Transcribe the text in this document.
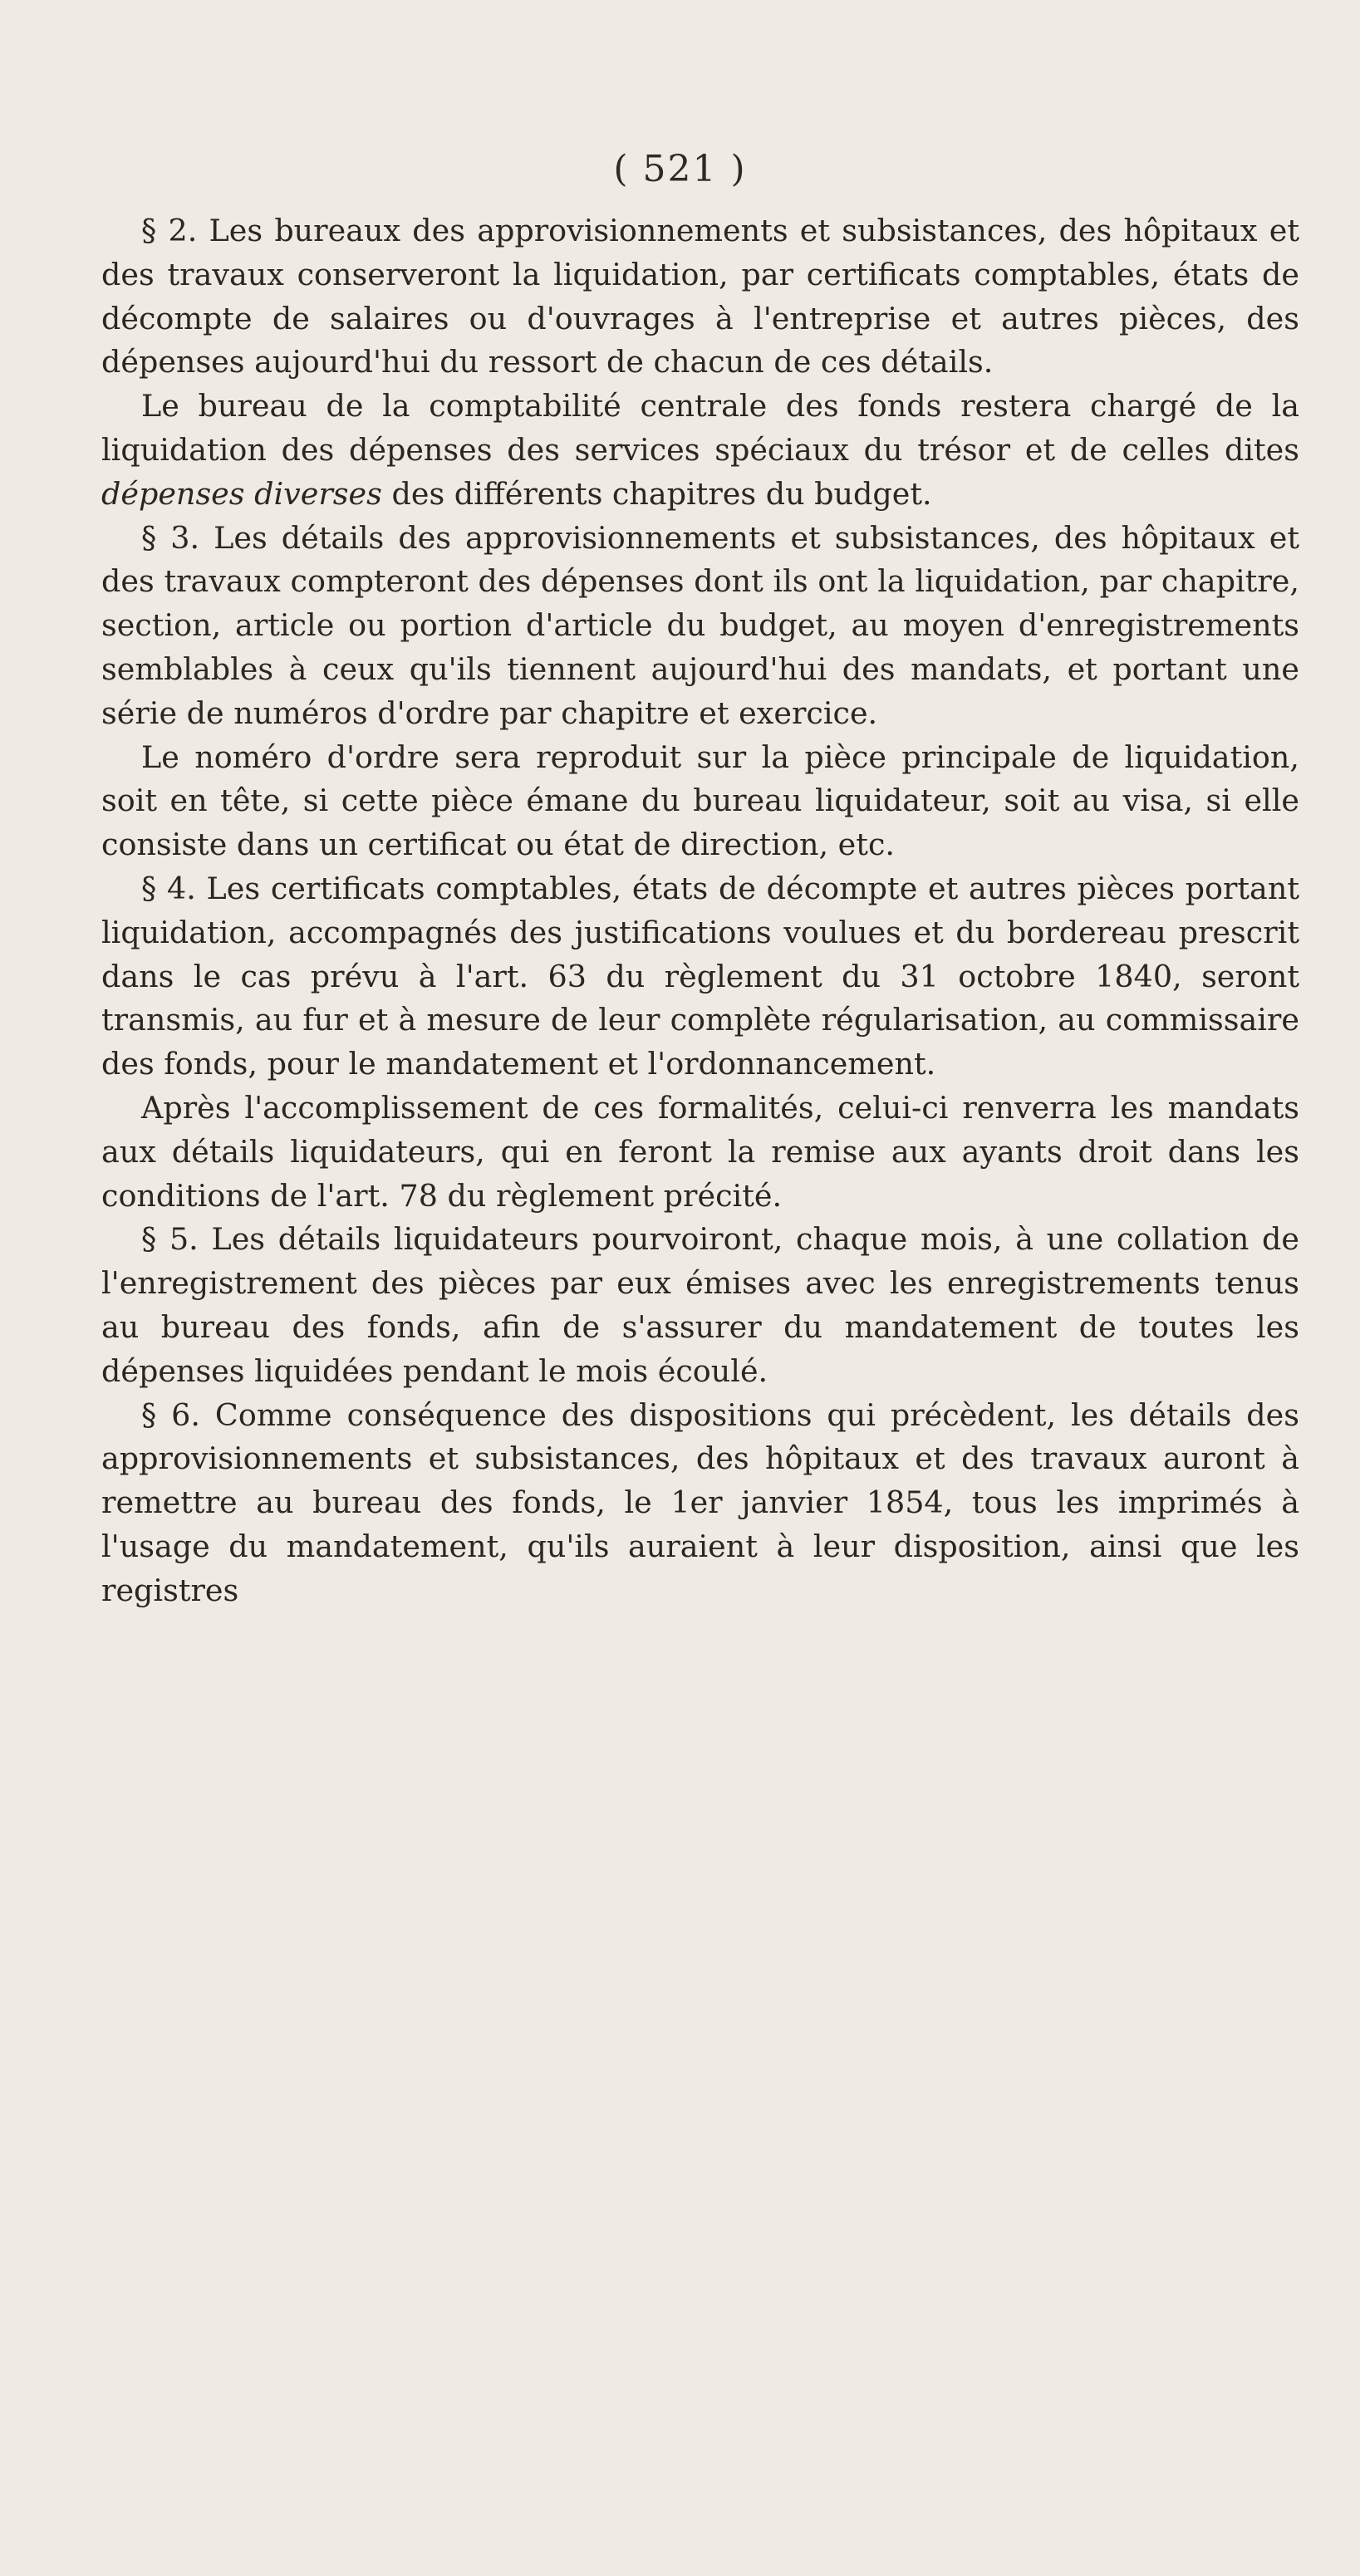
( 521 )

§ 2. Les bureaux des approvisionnements et subsistances, des hôpitaux et des travaux conserveront la liquidation, par certificats comptables, états de décompte de salaires ou d'ouvrages à l'entreprise et autres pièces, des dépenses aujourd'hui du ressort de chacun de ces détails.

Le bureau de la comptabilité centrale des fonds restera chargé de la liquidation des dépenses des services spéciaux du trésor et de celles dites dépenses diverses des différents chapitres du budget.

§ 3. Les détails des approvisionnements et subsistances, des hôpitaux et des travaux compteront des dépenses dont ils ont la liquidation, par chapitre, section, article ou portion d'article du budget, au moyen d'enregistrements semblables à ceux qu'ils tiennent aujourd'hui des mandats, et portant une série de numéros d'ordre par chapitre et exercice.

Le noméro d'ordre sera reproduit sur la pièce principale de liquidation, soit en tête, si cette pièce émane du bureau liquidateur, soit au visa, si elle consiste dans un certificat ou état de direction, etc.

§ 4. Les certificats comptables, états de décompte et autres pièces portant liquidation, accompagnés des justifications voulues et du bordereau prescrit dans le cas prévu à l'art. 63 du règlement du 31 octobre 1840, seront transmis, au fur et à mesure de leur complète régularisation, au commissaire des fonds, pour le mandatement et l'ordonnancement.

Après l'accomplissement de ces formalités, celui-ci renverra les mandats aux détails liquidateurs, qui en feront la remise aux ayants droit dans les conditions de l'art. 78 du règlement précité.

§ 5. Les détails liquidateurs pourvoiront, chaque mois, à une collation de l'enregistrement des pièces par eux émises avec les enregistrements tenus au bureau des fonds, afin de s'assurer du mandatement de toutes les dépenses liquidées pendant le mois écoulé.

§ 6. Comme conséquence des dispositions qui précèdent, les détails des approvisionnements et subsistances, des hôpitaux et des travaux auront à remettre au bureau des fonds, le 1er janvier 1854, tous les imprimés à l'usage du mandatement, qu'ils auraient à leur disposition, ainsi que les registres
